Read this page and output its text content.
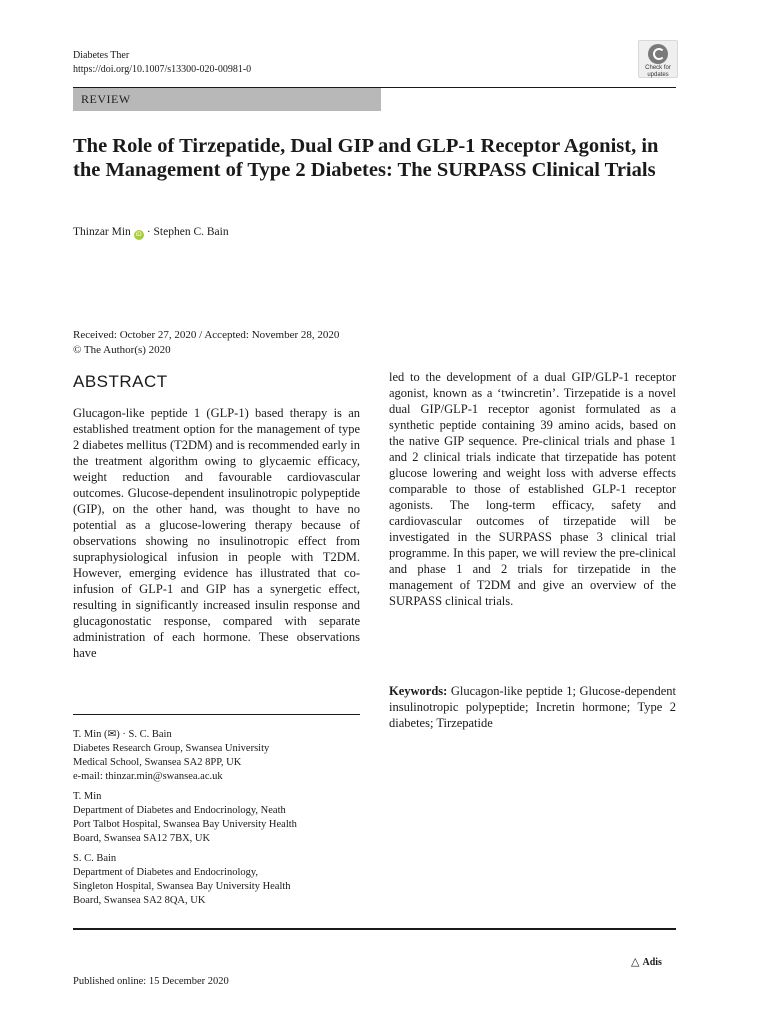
Diabetes Ther
https://doi.org/10.1007/s13300-020-00981-0	Check for
updates
REVIEW
The Role of Tirzepatide, Dual GIP and GLP-1 Receptor Agonist, in the Management of Type 2 Diabetes: The SURPASS Clinical Trials
Thinzar Min iD · Stephen C. Bain
Received: October 27, 2020 / Accepted: November 28, 2020
© The Author(s) 2020
ABSTRACT

Glucagon-like peptide 1 (GLP-1) based therapy is an established treatment option for the management of type 2 diabetes mellitus (T2DM) and is recommended early in the treatment algorithm owing to glycaemic efficacy, weight reduction and favourable cardiovascular outcomes. Glucose-dependent insulinotropic polypeptide (GIP), on the other hand, was thought to have no potential as a glucose-lowering therapy because of observations showing no insulinotropic effect from supraphysiological infusion in people with T2DM. However, emerging evidence has illustrated that co-infusion of GLP-1 and GIP has a synergetic effect, resulting in significantly increased insulin response and glucagonostatic response, compared with separate administration of each hormone. These observations have

led to the development of a dual GIP/GLP-1 receptor agonist, known as a ‘twincretin’. Tirzepatide is a novel dual GIP/GLP-1 receptor agonist formulated as a synthetic peptide containing 39 amino acids, based on the native GIP sequence. Pre-clinical trials and phase 1 and 2 clinical trials indicate that tirzepatide has potent glucose lowering and weight loss with adverse effects comparable to those of established GLP-1 receptor agonists. The long-term efficacy, safety and cardiovascular outcomes of tirzepatide will be investigated in the SURPASS phase 3 clinical trial programme. In this paper, we will review the pre-clinical and phase 1 and 2 trials for tirzepatide in the management of T2DM and give an overview of the SURPASS clinical trials.

Keywords: Glucagon-like peptide 1; Glucose-dependent insulinotropic polypeptide; Incretin hormone; Type 2 diabetes; Tirzepatide

T. Min (✉) · S. C. Bain
Diabetes Research Group, Swansea University
Medical School, Swansea SA2 8PP, UK
e-mail: thinzar.min@swansea.ac.uk
T. Min
Department of Diabetes and Endocrinology, Neath
Port Talbot Hospital, Swansea Bay University Health
Board, Swansea SA12 7BX, UK
S. C. Bain
Department of Diabetes and Endocrinology,
Singleton Hospital, Swansea Bay University Health
Board, Swansea SA2 8QA, UK
△ Adis
Published online: 15 December 2020
